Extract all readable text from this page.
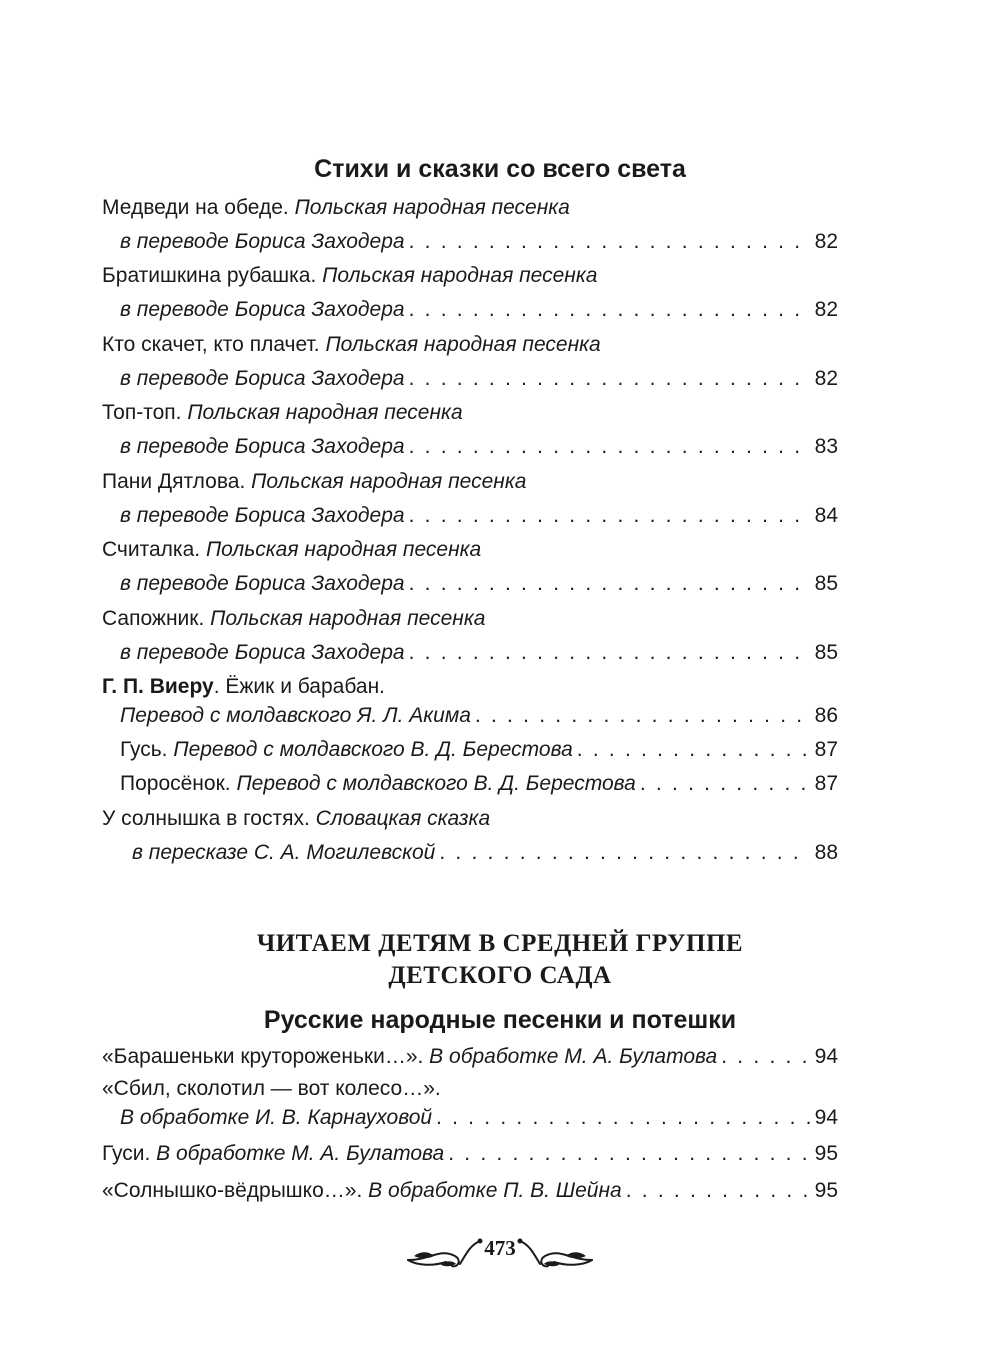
Стихи и сказки со всего света
Медведи на обеде. Польская народная песенка
в переводе Бориса Заходера . . .	82
Братишкина рубашка. Польская народная песенка
в переводе Бориса Заходера . . .	82
Кто скачет, кто плачет. Польская народная песенка
в переводе Бориса Заходера . . .	82
Топ-топ. Польская народная песенка
в переводе Бориса Заходера . . .	83
Пани Дятлова. Польская народная песенка
в переводе Бориса Заходера . . .	84
Считалка. Польская народная песенка
в переводе Бориса Заходера . . .	85
Сапожник. Польская народная песенка
в переводе Бориса Заходера . . .	85
Г. П. Виеру. Ёжик и барабан.
Перевод с молдавского Я. Л. Акима . . .	86
Гусь.
Перевод с молдавского В. Д. Берестова . . .	87
Поросёнок.
Перевод с молдавского В. Д. Берестова . . .	87
У солнышка в гостях. Словацкая сказка
в пересказе С. А. Могилевской . . .	88
ЧИТАЕМ ДЕТЯМ В СРЕДНЕЙ ГРУППЕ
ДЕТСКОГО САДА
Русские народные песенки и потешки
«Барашеньки крутороженьки…».
В обработке М. А. Булатова . . .	94
«Сбил, сколотил — вот колесо…».
В обработке И. В. Карнауховой . . .	94
Гуси.
В обработке М. А. Булатова . . .	95
«Солнышко-вёдрышко…».
В обработке П. В. Шейна . . .	95
473
